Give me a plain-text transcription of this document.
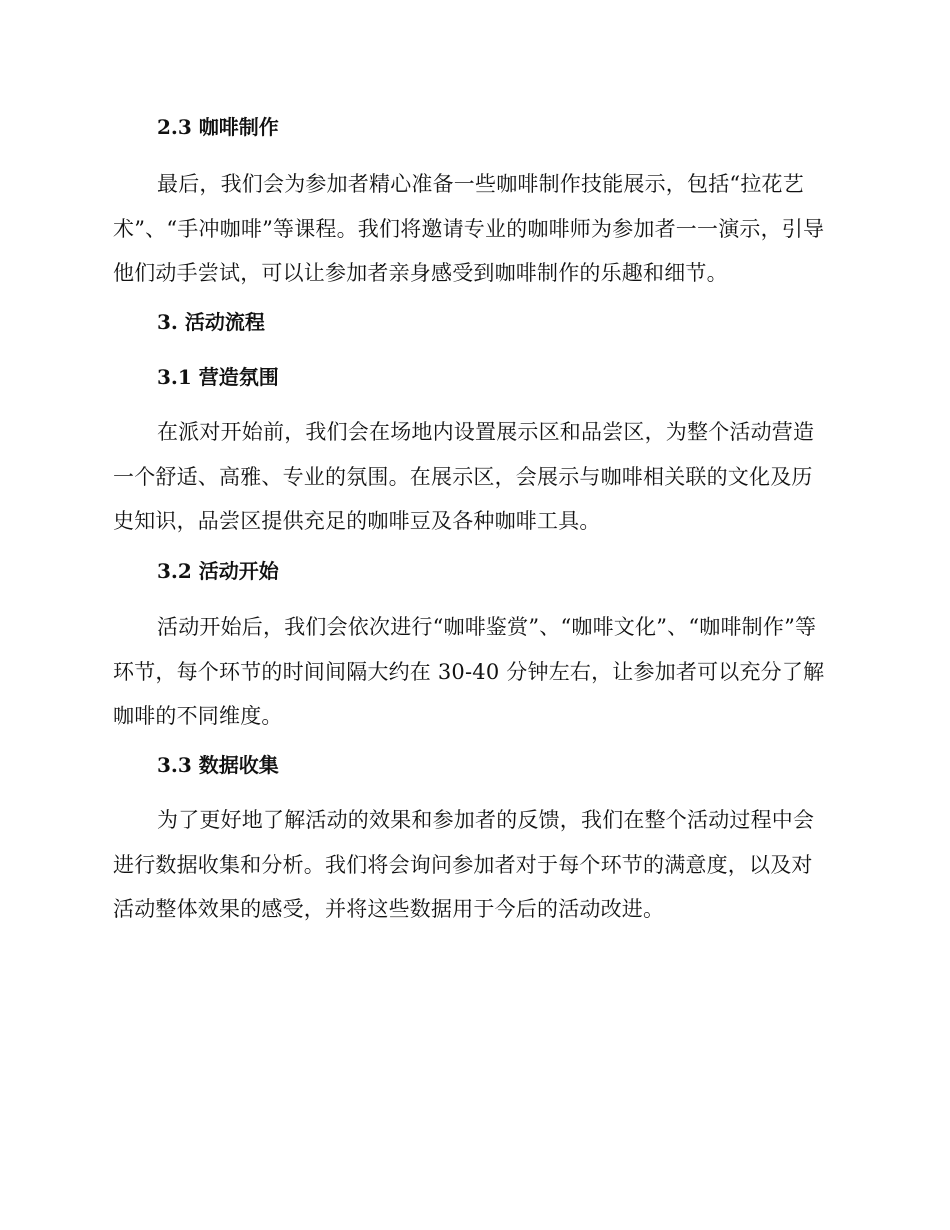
2.3 咖啡制作

最后，我们会为参加者精心准备一些咖啡制作技能展示，包括“拉花艺术”、“手冲咖啡”等课程。我们将邀请专业的咖啡师为参加者一一演示，引导他们动手尝试，可以让参加者亲身感受到咖啡制作的乐趣和细节。

3. 活动流程
3.1 营造氛围

在派对开始前，我们会在场地内设置展示区和品尝区，为整个活动营造一个舒适、高雅、专业的氛围。在展示区，会展示与咖啡相关联的文化及历史知识，品尝区提供充足的咖啡豆及各种咖啡工具。

3.2 活动开始

活动开始后，我们会依次进行“咖啡鉴赏”、“咖啡文化”、“咖啡制作”等环节，每个环节的时间间隔大约在 30-40 分钟左右，让参加者可以充分了解咖啡的不同维度。

3.3 数据收集

为了更好地了解活动的效果和参加者的反馈，我们在整个活动过程中会进行数据收集和分析。我们将会询问参加者对于每个环节的满意度，以及对活动整体效果的感受，并将这些数据用于今后的活动改进。
